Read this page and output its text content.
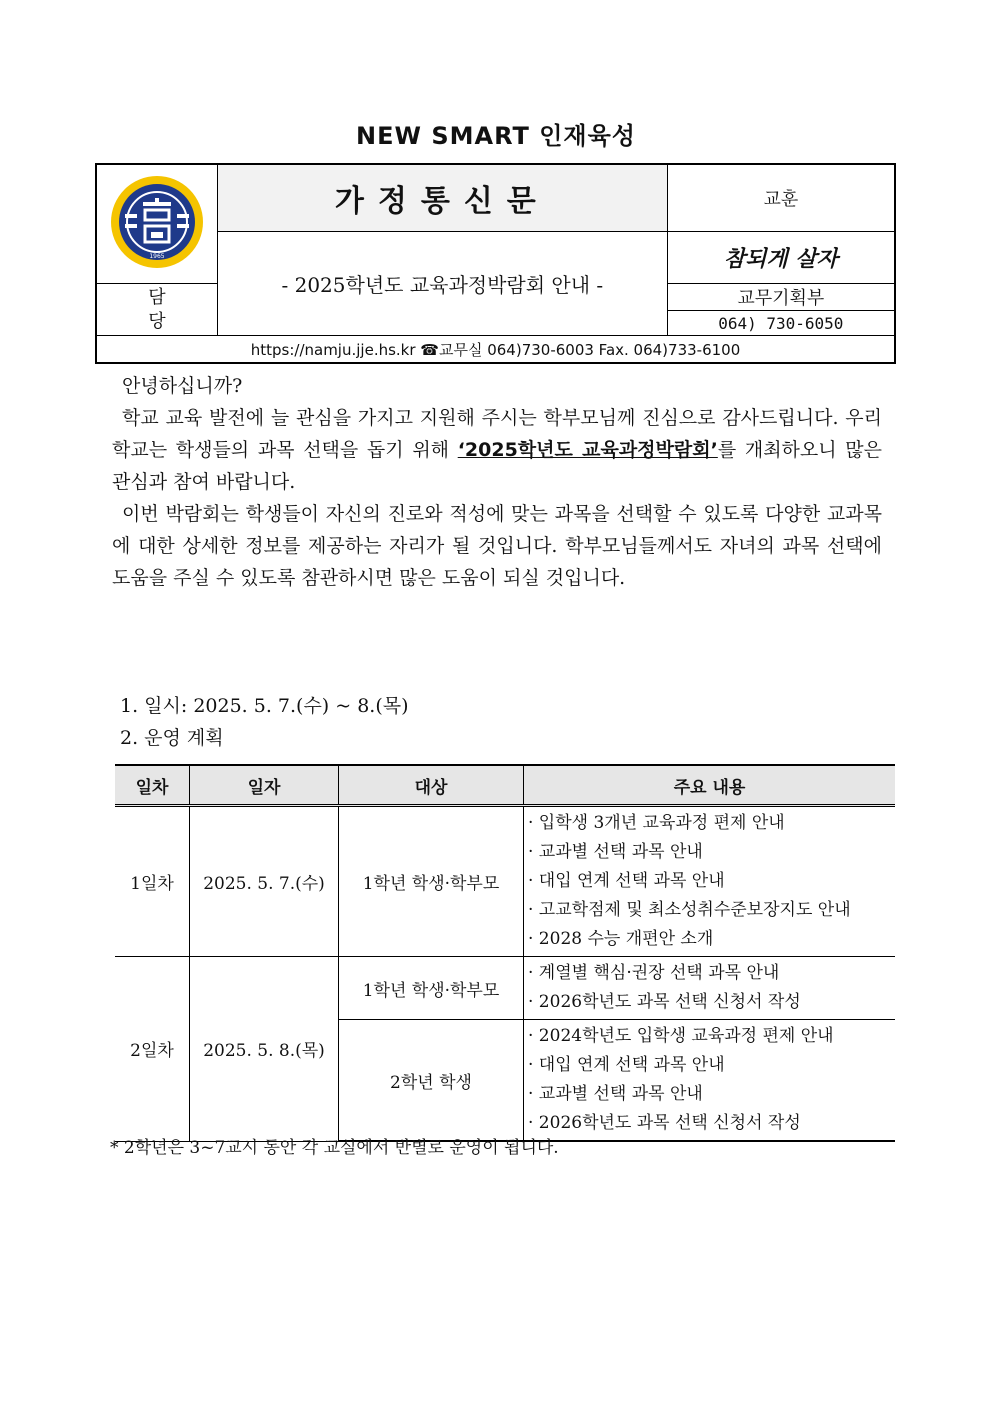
NEW SMART 인재육성
1965	가정통신문	교훈
	- 2025학년도 교육과정박람회 안내 -	참되게 살자
담
당		교무기획부
		064) 730-6050
https://namju.jje.hs.kr ☎교무실 064)730-6003 Fax. 064)733-6100		

안녕하십니까?

학교 교육 발전에 늘 관심을 가지고 지원해 주시는 학부모님께 진심으로 감사드립니다. 우리학교는 학생들의 과목 선택을 돕기 위해 ‘2025학년도 교육과정박람회’를 개최하오니 많은 관심과 참여 바랍니다.

이번 박람회는 학생들이 자신의 진로와 적성에 맞는 과목을 선택할 수 있도록 다양한 교과목에 대한 상세한 정보를 제공하는 자리가 될 것입니다. 학부모님들께서도 자녀의 과목 선택에 도움을 주실 수 있도록 참관하시면 많은 도움이 되실 것입니다.

1. 일시: 2025. 5. 7.(수) ~ 8.(목)
2. 운영 계획
일차	일자	대상	주요 내용
1일차	2025. 5. 7.(수)	1학년 학생·학부모	· 입학생 3개년 교육과정 편제 안내
· 교과별 선택 과목 안내
· 대입 연계 선택 과목 안내
· 고교학점제 및 최소성취수준보장지도 안내
· 2028 수능 개편안 소개

2일차	2025. 5. 8.(목)	1학년 학생·학부모	· 계열별 핵심·권장 선택 과목 안내
· 2026학년도 과목 선택 신청서 작성

		2학년 학생	· 2024학년도 입학생 교육과정 편제 안내
· 대입 연계 선택 과목 안내
· 교과별 선택 과목 안내
· 2026학년도 과목 선택 신청서 작성
* 2학년은 3~7교시 동안 각 교실에서 반별로 운영이 됩니다.
